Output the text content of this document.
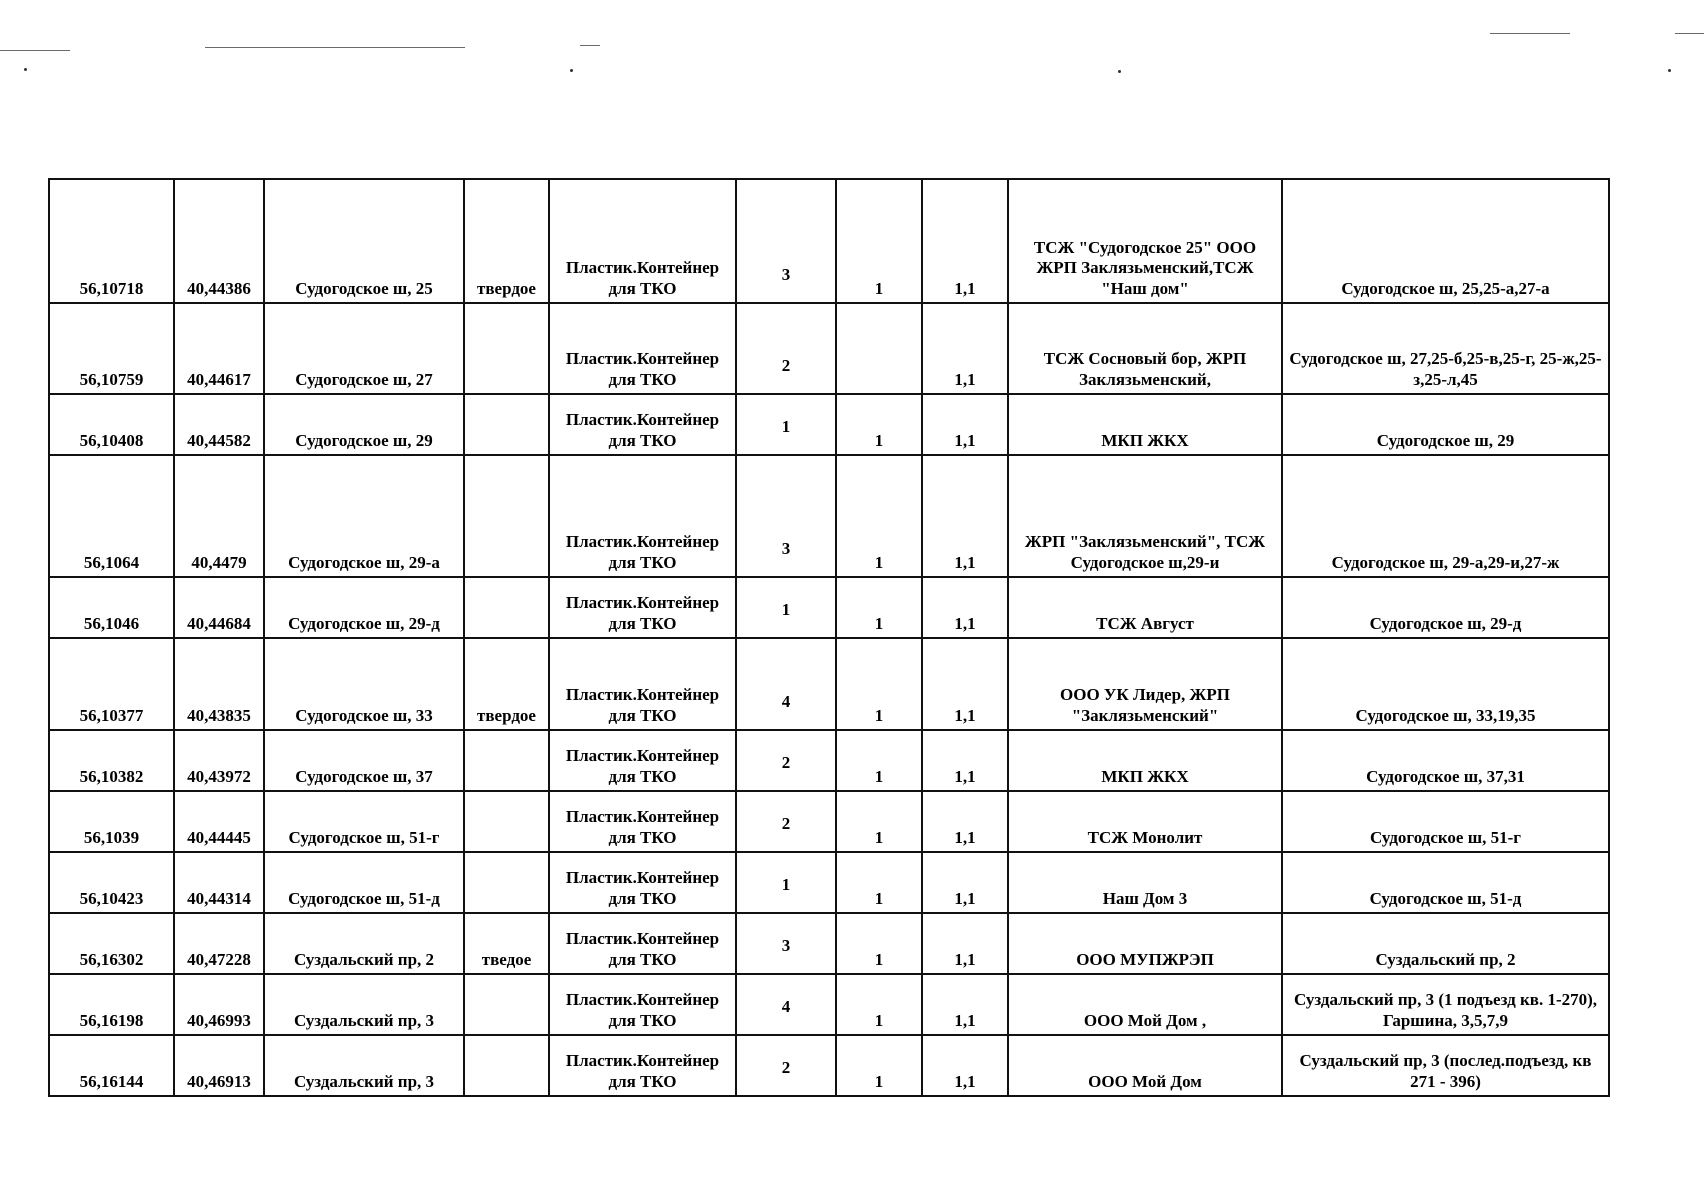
56,10718	40,44386	Судогодское ш, 25	твердое	Пластик.Контейнер для ТКО	3	1	1,1	ТСЖ "Судогодское 25" ООО ЖРП Заклязьменский,ТСЖ "Наш дом"	Судогодское ш, 25,25-а,27-а
56,10759	40,44617	Судогодское ш, 27		Пластик.Контейнер для ТКО	2		1,1	ТСЖ Сосновый бор, ЖРП Заклязьменский,	Судогодское ш, 27,25-б,25-в,25-г, 25-ж,25-з,25-л,45
56,10408	40,44582	Судогодское ш, 29		Пластик.Контейнер для ТКО	1	1	1,1	МКП ЖКХ	Судогодское ш, 29
56,1064	40,4479	Судогодское ш, 29-а		Пластик.Контейнер для ТКО	3	1	1,1	ЖРП "Заклязьменский", ТСЖ Судогодское ш,29-и	Судогодское ш, 29-а,29-и,27-ж
56,1046	40,44684	Судогодское ш, 29-д		Пластик.Контейнер для ТКО	1	1	1,1	ТСЖ Август	Судогодское ш, 29-д
56,10377	40,43835	Судогодское ш, 33	твердое	Пластик.Контейнер для ТКО	4	1	1,1	ООО УК Лидер, ЖРП "Заклязьменский"	Судогодское ш, 33,19,35
56,10382	40,43972	Судогодское ш, 37		Пластик.Контейнер для ТКО	2	1	1,1	МКП ЖКХ	Судогодское ш, 37,31
56,1039	40,44445	Судогодское ш, 51-г		Пластик.Контейнер для ТКО	2	1	1,1	ТСЖ Монолит	Судогодское ш, 51-г
56,10423	40,44314	Судогодское ш, 51-д		Пластик.Контейнер для ТКО	1	1	1,1	Наш Дом 3	Судогодское ш, 51-д
56,16302	40,47228	Суздальский пр, 2	тведое	Пластик.Контейнер для ТКО	3	1	1,1	ООО МУПЖРЭП	Суздальский пр, 2
56,16198	40,46993	Суздальский пр, 3		Пластик.Контейнер для ТКО	4	1	1,1	ООО Мой Дом ,	Суздальский пр, 3 (1 подъезд кв. 1-270), Гаршина, 3,5,7,9
56,16144	40,46913	Суздальский пр, 3		Пластик.Контейнер для ТКО	2	1	1,1	ООО Мой Дом	Суздальский пр, 3 (послед.подъезд, кв 271 - 396)
